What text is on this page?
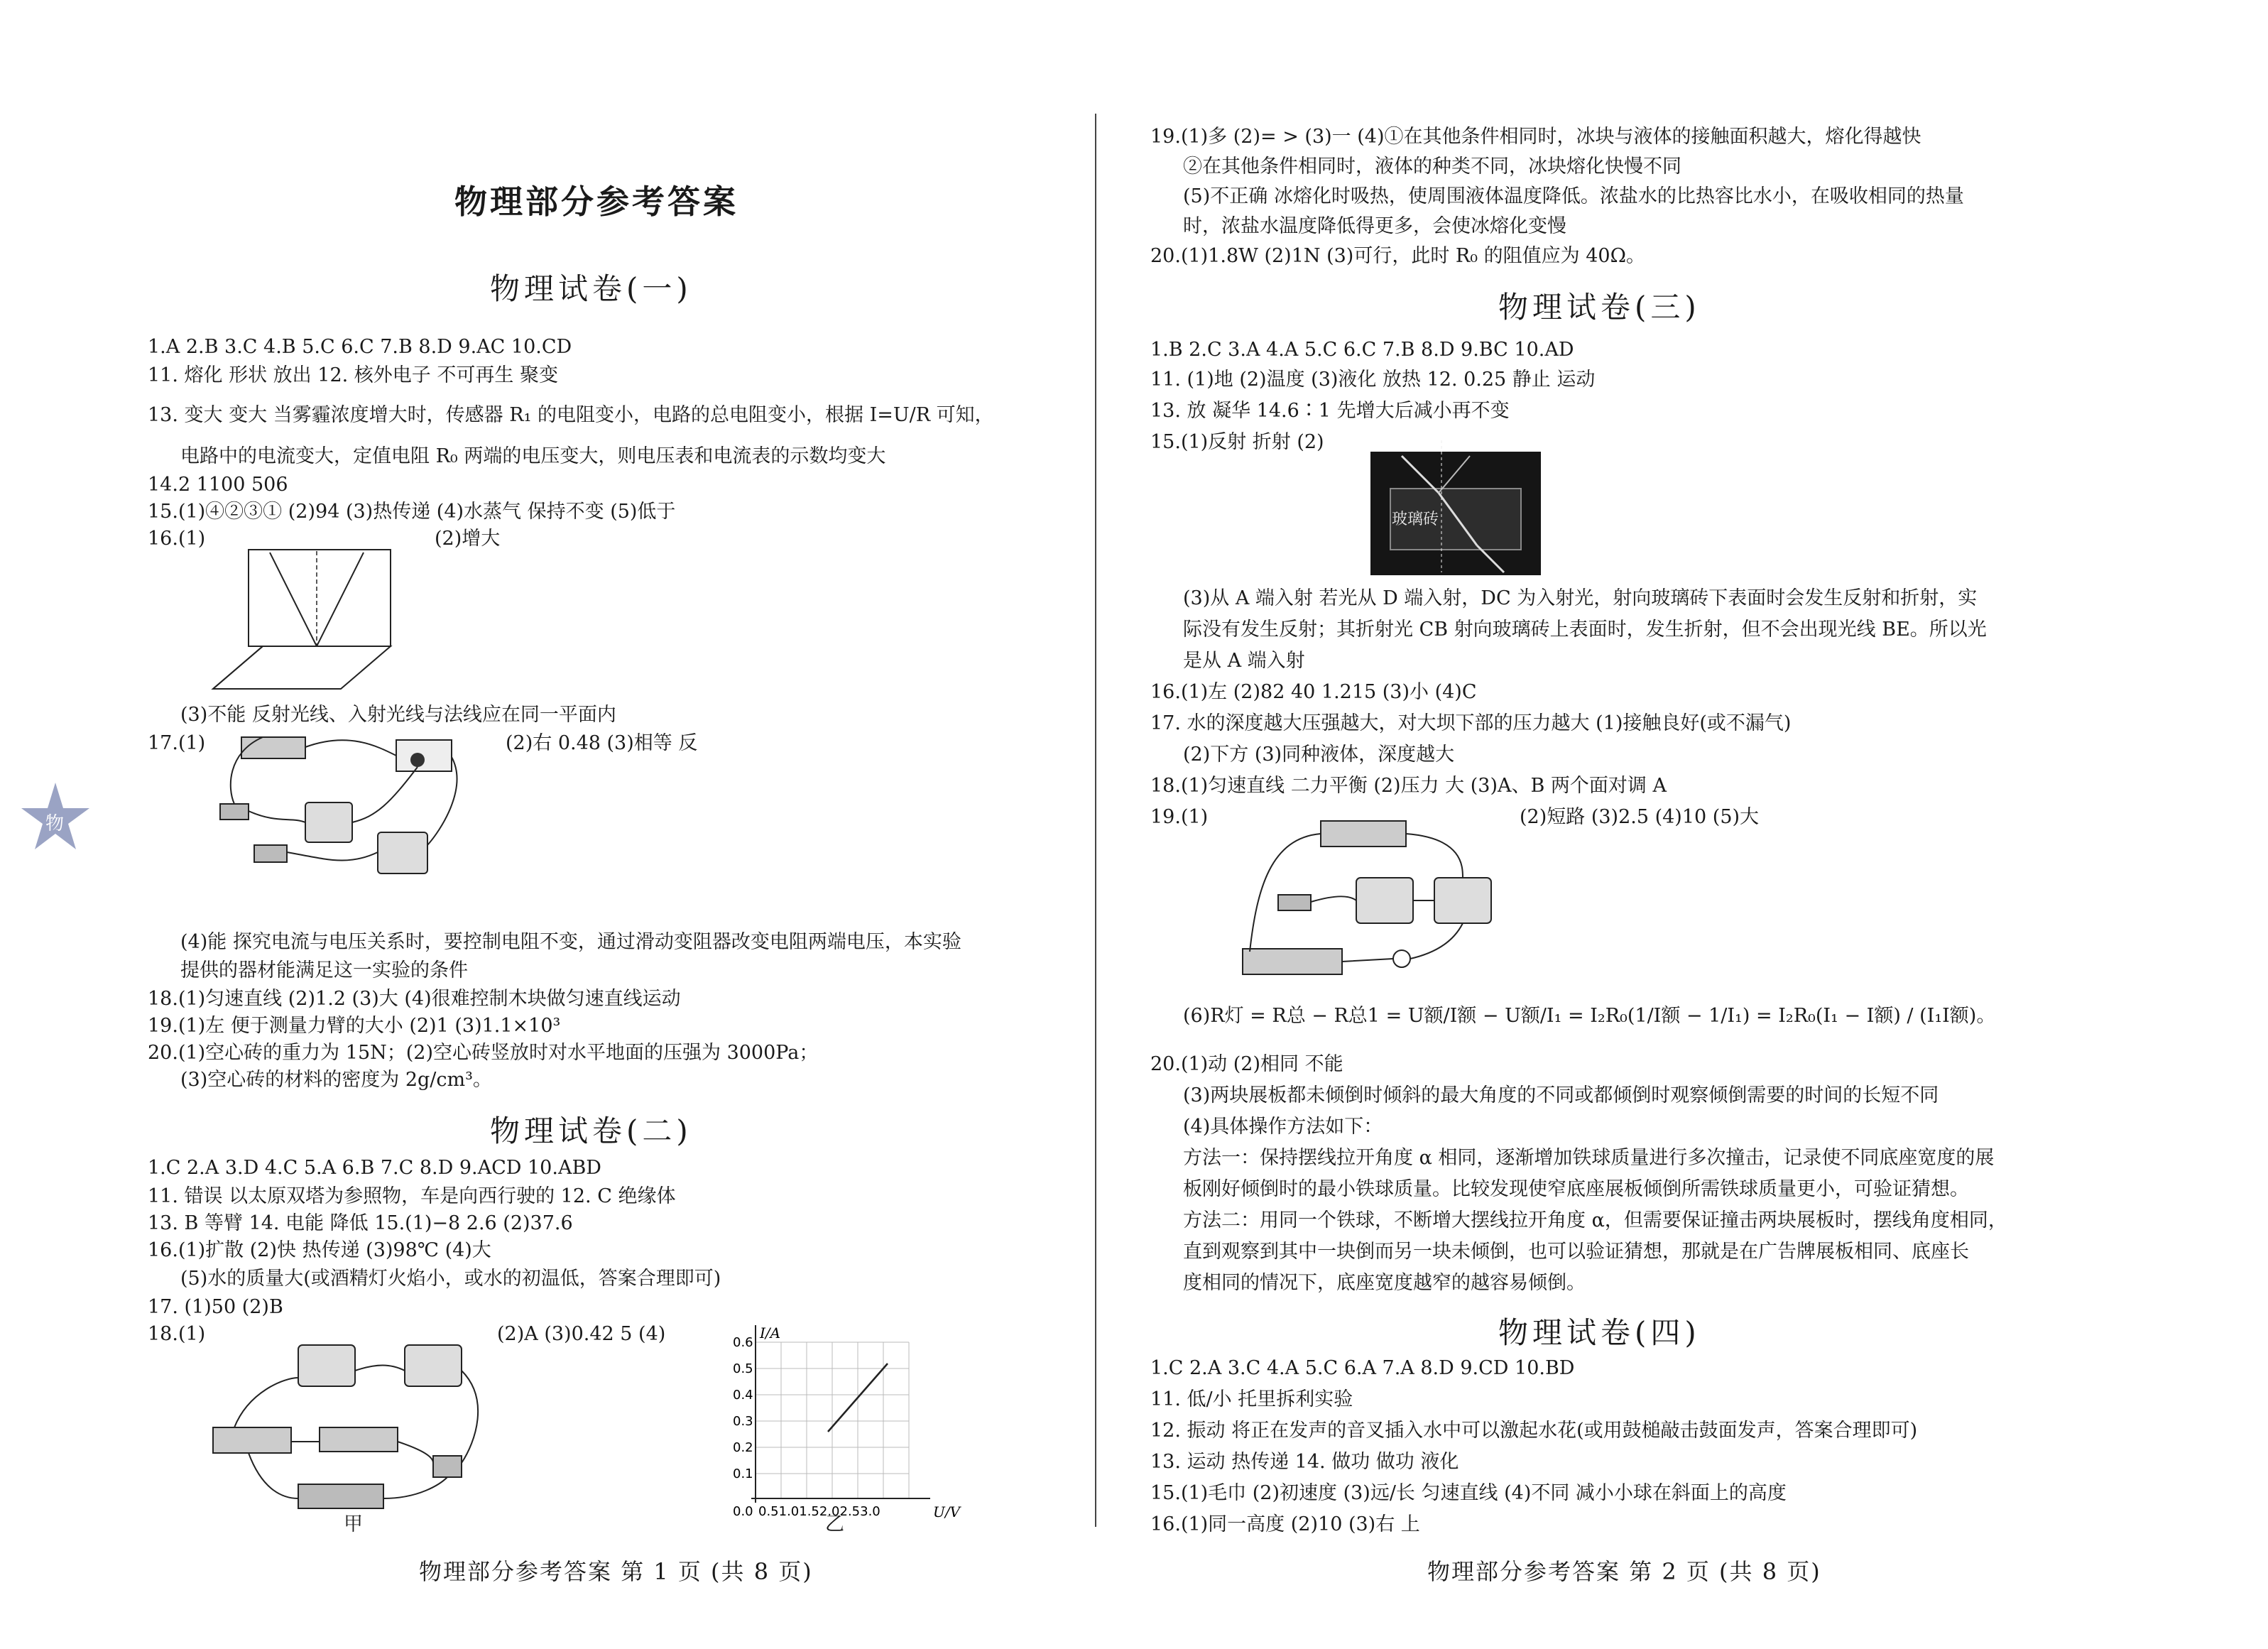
物理部分参考答案
物理试卷(一)
1.A 2.B 3.C 4.B 5.C 6.C 7.B 8.D 9.AC 10.CD
11. 熔化 形状 放出 12. 核外电子 不可再生 聚变
13. 变大 变大 当雾霾浓度增大时，传感器 R₁ 的电阻变小，电路的总电阻变小，根据 I=U/R 可知，
电路中的电流变大，定值电阻 R₀ 两端的电压变大，则电压表和电流表的示数均变大
14.2 1100 506
15.(1)④②③① (2)94 (3)热传递 (4)水蒸气 保持不变 (5)低于
16.(1)	(2)增大
(3)不能 反射光线、入射光线与法线应在同一平面内
17.(1)	(2)右 0.48 (3)相等 反
(4)能 探究电流与电压关系时，要控制电阻不变，通过滑动变阻器改变电阻两端电压，本实验
提供的器材能满足这一实验的条件
18.(1)匀速直线 (2)1.2 (3)大 (4)很难控制木块做匀速直线运动
19.(1)左 便于测量力臂的大小 (2)1 (3)1.1×10³
20.(1)空心砖的重力为 15N；(2)空心砖竖放时对水平地面的压强为 3000Pa；
(3)空心砖的材料的密度为 2g/cm³。
物理试卷(二)
1.C 2.A 3.D 4.C 5.A 6.B 7.C 8.D 9.ACD 10.ABD
11. 错误 以太原双塔为参照物，车是向西行驶的 12. C 绝缘体
13. B 等臂 14. 电能 降低 15.(1)−8 2.6 (2)37.6
16.(1)扩散 (2)快 热传递 (3)98℃ (4)大
(5)水的质量大(或酒精灯火焰小，或水的初温低，答案合理即可)
17. (1)50 (2)B
18.(1)	(2)A (3)0.42 5 (4)
甲
0.6
0.5
0.4
0.3
0.2
0.1
0.0 0.51.01.52.02.53.0
I/A
U/V
乙
物理部分参考答案 第 1 页 (共 8 页)
物
19.(1)多 (2)= > (3)一 (4)①在其他条件相同时，冰块与液体的接触面积越大，熔化得越快
②在其他条件相同时，液体的种类不同，冰块熔化快慢不同
(5)不正确 冰熔化时吸热，使周围液体温度降低。浓盐水的比热容比水小，在吸收相同的热量
时，浓盐水温度降低得更多，会使冰熔化变慢
20.(1)1.8W (2)1N (3)可行，此时 R₀ 的阻值应为 40Ω。
物理试卷(三)
1.B 2.C 3.A 4.A 5.C 6.C 7.B 8.D 9.BC 10.AD
11. (1)地 (2)温度 (3)液化 放热 12. 0.25 静止 运动
13. 放 凝华 14.6∶1 先增大后减小再不变
15.(1)反射 折射 (2)
玻璃砖
(3)从 A 端入射 若光从 D 端入射，DC 为入射光，射向玻璃砖下表面时会发生反射和折射，实
际没有发生反射；其折射光 CB 射向玻璃砖上表面时，发生折射，但不会出现光线 BE。所以光
是从 A 端入射
16.(1)左 (2)82 40 1.215 (3)小 (4)C
17. 水的深度越大压强越大，对大坝下部的压力越大 (1)接触良好(或不漏气)
(2)下方 (3)同种液体，深度越大
18.(1)匀速直线 二力平衡 (2)压力 大 (3)A、B 两个面对调 A
19.(1)	(2)短路 (3)2.5 (4)10 (5)大
(6)R灯 = R总 − R总1 = U额/I额 − U额/I₁ = I₂R₀(1/I额 − 1/I₁) = I₂R₀(I₁ − I额) / (I₁I额)。
20.(1)动 (2)相同 不能
(3)两块展板都未倾倒时倾斜的最大角度的不同或都倾倒时观察倾倒需要的时间的长短不同
(4)具体操作方法如下：
方法一：保持摆线拉开角度 α 相同，逐渐增加铁球质量进行多次撞击，记录使不同底座宽度的展
板刚好倾倒时的最小铁球质量。比较发现使窄底座展板倾倒所需铁球质量更小，可验证猜想。
方法二：用同一个铁球，不断增大摆线拉开角度 α，但需要保证撞击两块展板时，摆线角度相同，
直到观察到其中一块倒而另一块未倾倒，也可以验证猜想，那就是在广告牌展板相同、底座长
度相同的情况下，底座宽度越窄的越容易倾倒。
物理试卷(四)
1.C 2.A 3.C 4.A 5.C 6.A 7.A 8.D 9.CD 10.BD
11. 低/小 托里拆利实验
12. 振动 将正在发声的音叉插入水中可以激起水花(或用鼓槌敲击鼓面发声，答案合理即可)
13. 运动 热传递 14. 做功 做功 液化
15.(1)毛巾 (2)初速度 (3)远/长 匀速直线 (4)不同 减小小球在斜面上的高度
16.(1)同一高度 (2)10 (3)右 上
物理部分参考答案 第 2 页 (共 8 页)
